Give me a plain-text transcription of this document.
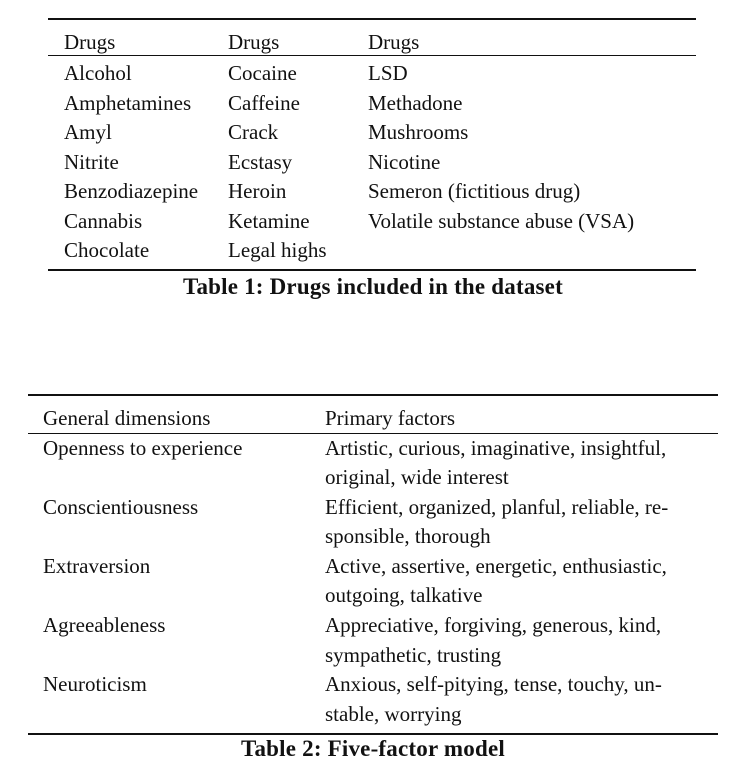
Drugs	Drugs	Drugs
Alcohol	Cocaine	LSD
Amphetamines	Caffeine	Methadone
Amyl	Crack	Mushrooms
Nitrite	Ecstasy	Nicotine
Benzodiazepine	Heroin	Semeron (fictitious drug)
Cannabis	Ketamine	Volatile substance abuse (VSA)
Chocolate	Legal highs	
Table 1: Drugs included in the dataset
General dimensions	Primary factors
Openness to experience	Artistic, curious, imaginative, insightful,
	original, wide interest
Conscientiousness	Efficient, organized, planful, reliable, re-
	sponsible, thorough
Extraversion	Active, assertive, energetic, enthusiastic,
	outgoing, talkative
Agreeableness	Appreciative, forgiving, generous, kind,
	sympathetic, trusting
Neuroticism	Anxious, self-pitying, tense, touchy, un-
	stable, worrying
Table 2: Five-factor model
